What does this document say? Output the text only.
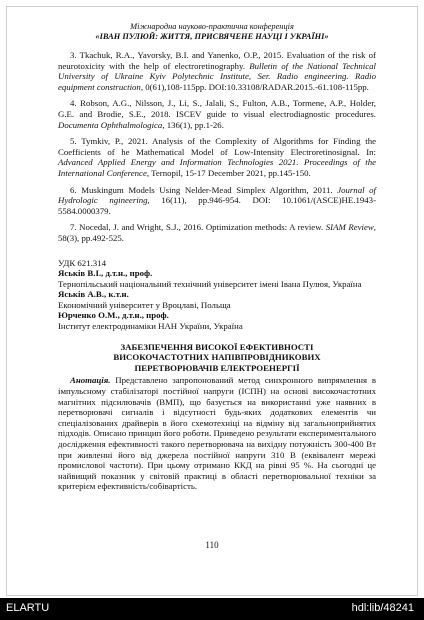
Міжнародна науково-практична конференція
«ІВАН ПУЛЮЙ: ЖИТТЯ, ПРИСВЯЧЕНЕ НАУЦІ І УКРАЇНІ»

3. Tkachuk, R.A., Yavorsky, B.I. and Yanenko, O.P., 2015. Evaluation of the risk of neurotoxicity with the help of electroretinography. Bulletin of the National Technical University of Ukraine Kyiv Polytechnic Institute, Ser. Radio engineering. Radio equipment construction, 0(61),108-115pp. DOI:10.33108/RADAR.2015.-61.108-115pp.

4. Robson, A.G., Nilsson, J., Li, S., Jalali, S., Fulton, A.B., Tormene, A.P., Holder, G.E. and Brodie, S.E., 2018. ISCEV guide to visual electrodiagnostic procedures. Documenta Ophthalmologica, 136(1), pp.1-26.

5. Tymkiv, P., 2021. Analysis of the Complexity of Algorithms for Finding the Coefficients of he Mathematical Model of Low-Intensity Electroretinosignal. In: Advanced Applied Energy and Information Technologies 2021. Proceedings of the International Conference, Ternopil, 15-17 December 2021, pp.145-150.

6. Muskingum Models Using Nelder-Mead Simplex Algorithm, 2011. Journal of Hydrologic ngineering, 16(11), pp.946-954. DOI: 10.1061/(ASCE)HE.1943-5584.0000379.

7. Nocedal, J. and Wright, S.J., 2016. Optimization methods: A review. SIAM Review, 58(3), pp.492-525.

УДК 621.314
Яськів В.І., д.т.н., проф.
Тернопільський національний технічний університет імені Івана Пулюя, Україна
Яськів А.В., к.т.н.
Економічний університет у Вроцлаві, Польща
Юрченко О.М., д.т.н., проф.
Інститут електродинаміки НАН України, Україна
ЗАБЕЗПЕЧЕННЯ ВИСОКОЇ ЕФЕКТИВНОСТІ
ВИСОКОЧАСТОТНИХ НАПІВПРОВІДНИКОВИХ
ПЕРЕТВОРЮВАЧІВ ЕЛЕКТРОЕНЕРГІЇ

Анотація. Представлено запропонований метод синхронного випрямлення в імпульсному стабілізаторі постійної напруги (ІСПН) на основі високочастотних магнітних підсилювачів (ВМП), що базується на використанні уже наявних в перетворювачі сигналів і відсутності будь-яких додаткових елементів чи спеціалізованих драйверів в його схемотехніці на відміну від загальноприйнятих підходів. Описано принцип його роботи. Приведено результати експериментального дослідження ефективності такого перетворювача на вихідну потужність 300-400 Вт при живленні його від джерела постійної напруги 310 В (еквівалент мережі промислової частоти). При цьому отримано ККД на рівні 95 %. На сьогодні це найвищий показник у світовій практиці в області перетворювальної техніки за критерієм ефективність/собівартість.

110
ELARTU	hdl:lib/48241
